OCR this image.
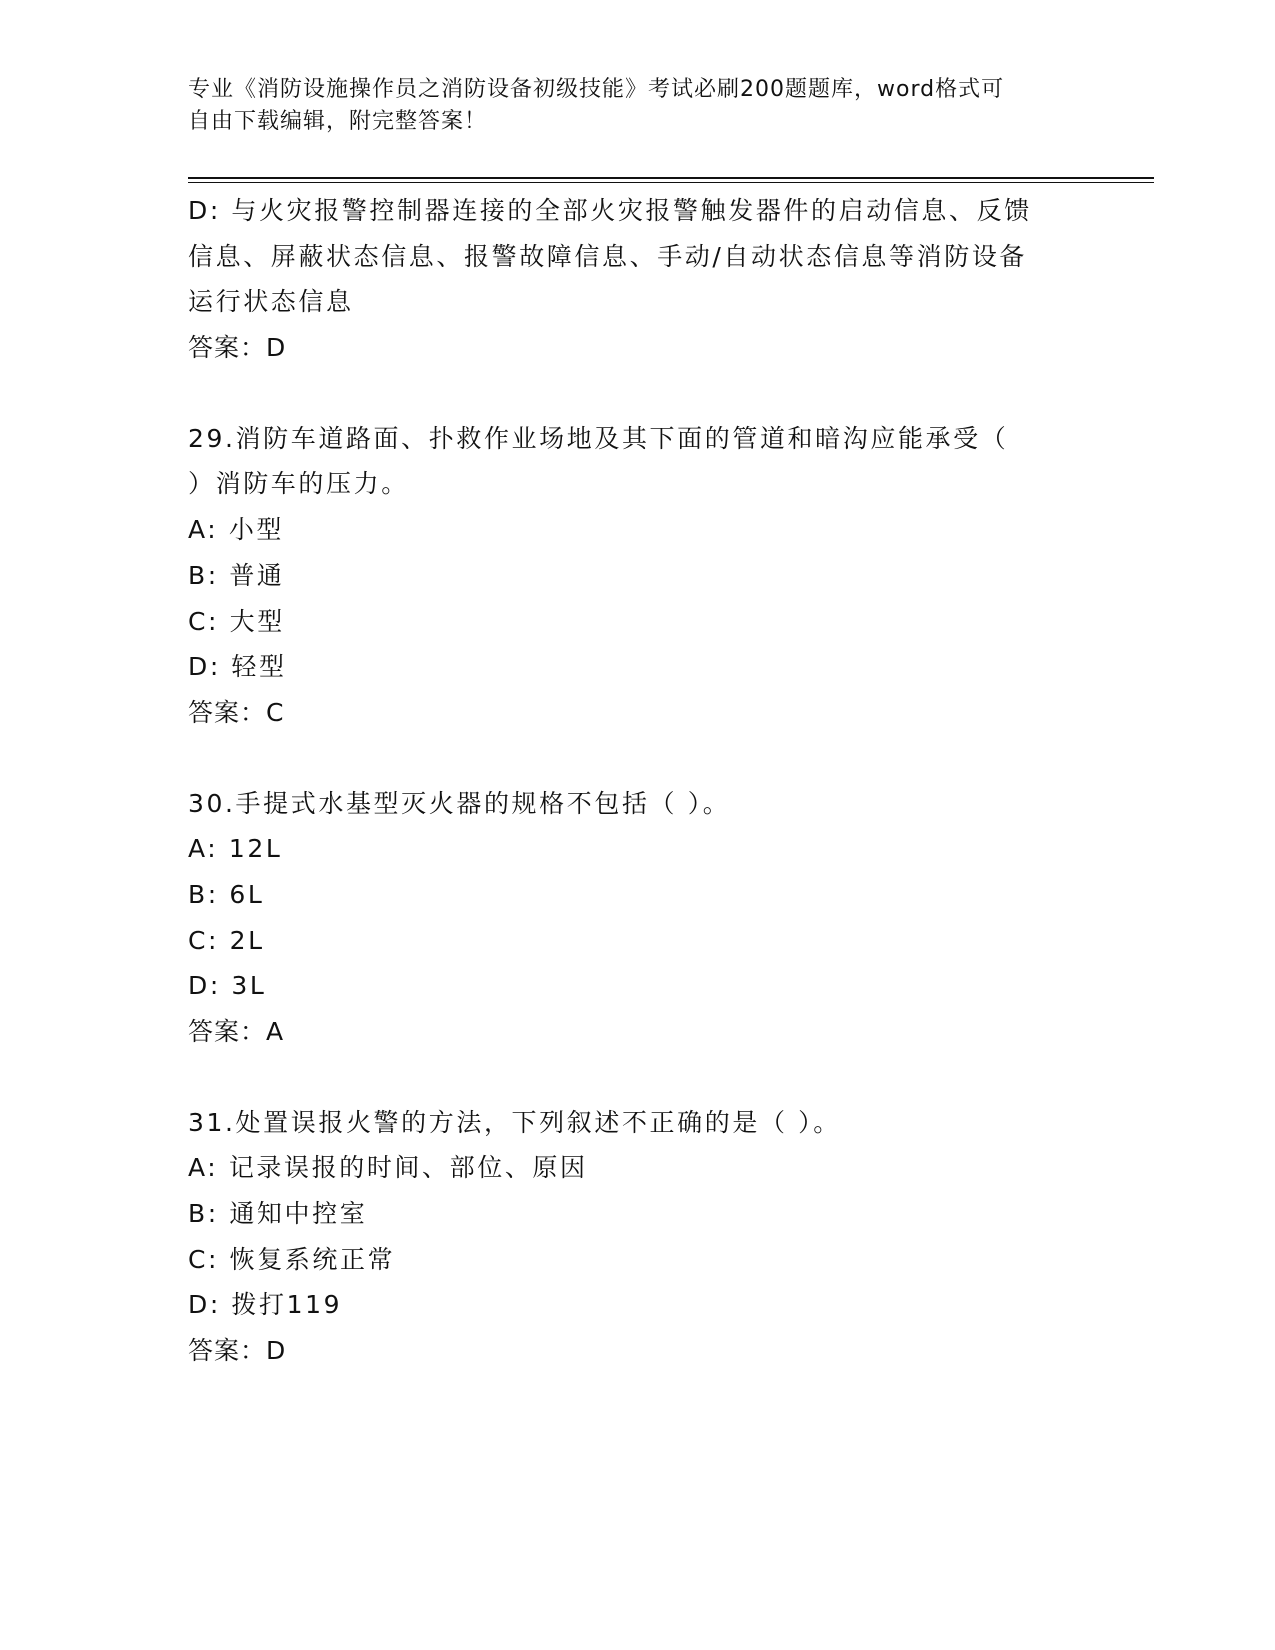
专业《消防设施操作员之消防设备初级技能》考试必刷200题题库，word格式可
自由下载编辑，附完整答案！
D: 与火灾报警控制器连接的全部火灾报警触发器件的启动信息、反馈
信息、屏蔽状态信息、报警故障信息、手动/自动状态信息等消防设备
运行状态信息
答案：D
29.消防车道路面、扑救作业场地及其下面的管道和暗沟应能承受（
）消防车的压力。
A: 小型
B: 普通
C: 大型
D: 轻型
答案：C
30.手提式水基型灭火器的规格不包括（ ）。
A: 12L
B: 6L
C: 2L
D: 3L
答案：A
31.处置误报火警的方法，下列叙述不正确的是（ ）。
A: 记录误报的时间、部位、原因
B: 通知中控室
C: 恢复系统正常
D: 拨打119
答案：D
